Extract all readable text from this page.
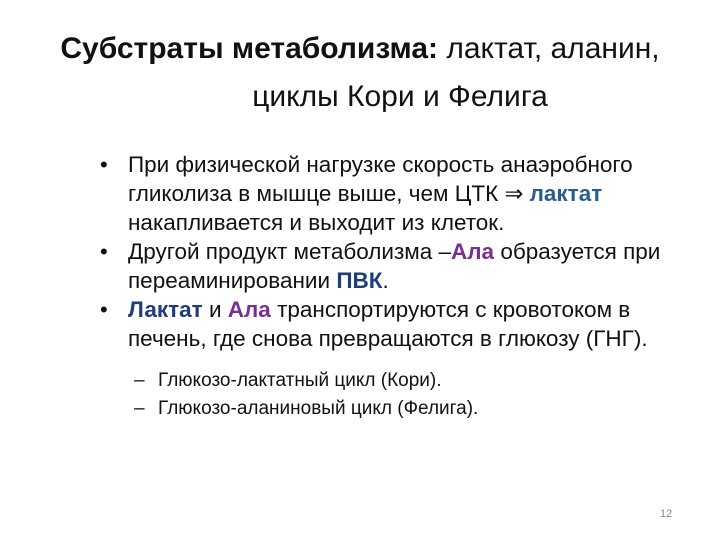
Субстраты метаболизма: лактат, аланин,
циклы Кори и Фелига
• При физической нагрузке скорость анаэробного гликолиза в мышце выше, чем ЦТК ⇒ лактат накапливается и выходит из клеток.
• Другой продукт метаболизма –Ала образуется при переаминировании ПВК.
• Лактат и Ала транспортируются с кровотоком в печень, где снова превращаются в глюкозу (ГНГ).
– Глюкозо-лактатный цикл (Кори).
– Глюкозо-аланиновый цикл (Фелига).
12
